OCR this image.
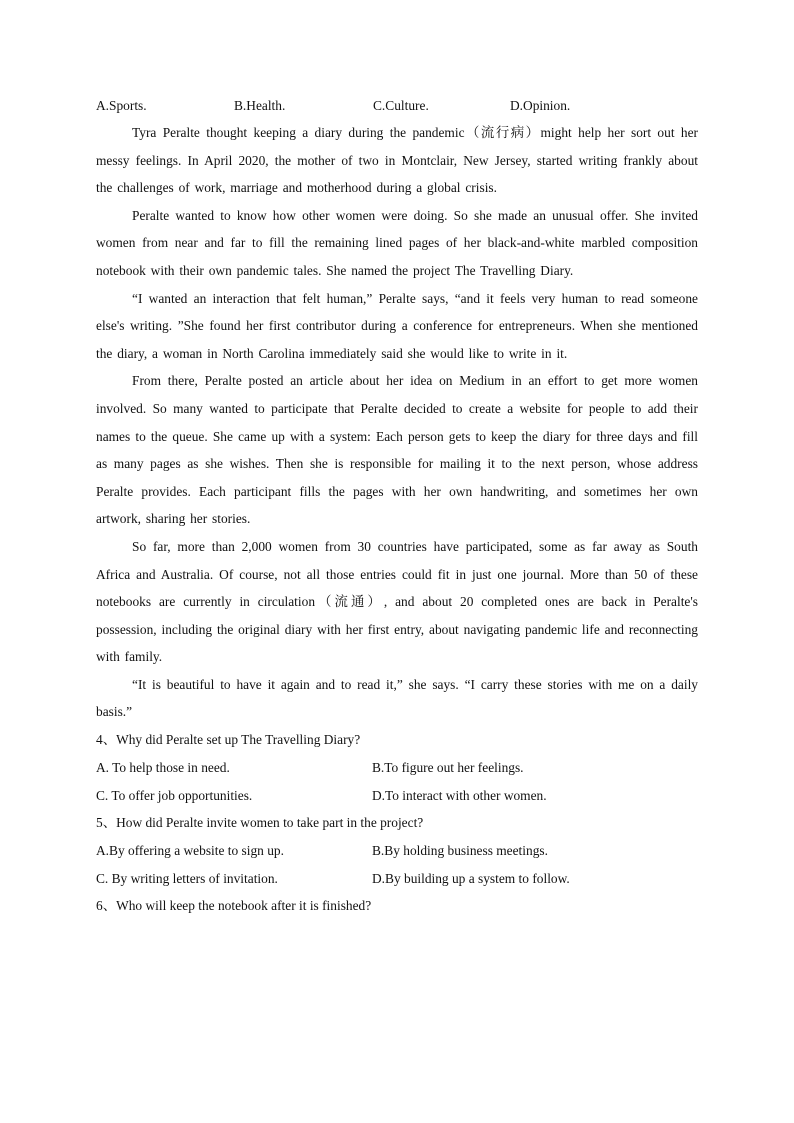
A.Sports.	B.Health.	C.Culture.	D.Opinion.

Tyra Peralte thought keeping a diary during the pandemic（流行病）might help her sort out her messy feelings. In April 2020, the mother of two in Montclair, New Jersey, started writing frankly about the challenges of work, marriage and motherhood during a global crisis.

Peralte wanted to know how other women were doing. So she made an unusual offer. She invited women from near and far to fill the remaining lined pages of her black-and-white marbled composition notebook with their own pandemic tales. She named the project The Travelling Diary.

“I wanted an interaction that felt human,” Peralte says, “and it feels very human to read someone else's writing. ”She found her first contributor during a conference for entrepreneurs. When she mentioned the diary, a woman in North Carolina immediately said she would like to write in it.

From there, Peralte posted an article about her idea on Medium in an effort to get more women involved. So many wanted to participate that Peralte decided to create a website for people to add their names to the queue. She came up with a system: Each person gets to keep the diary for three days and fill as many pages as she wishes. Then she is responsible for mailing it to the next person, whose address Peralte provides. Each participant fills the pages with her own handwriting, and sometimes her own artwork, sharing her stories.

So far, more than 2,000 women from 30 countries have participated, some as far away as South Africa and Australia. Of course, not all those entries could fit in just one journal. More than 50 of these notebooks are currently in circulation（流通）, and about 20 completed ones are back in Peralte's possession, including the original diary with her first entry, about navigating pandemic life and reconnecting with family.

“It is beautiful to have it again and to read it,” she says. “I carry these stories with me on a daily basis.”

4、Why did Peralte set up The Travelling Diary?

A. To help those in need.	B.To figure out her feelings.
C. To offer job opportunities.	D.To interact with other women.

5、How did Peralte invite women to take part in the project?

A.By offering a website to sign up.	B.By holding business meetings.
C. By writing letters of invitation.	D.By building up a system to follow.

6、Who will keep the notebook after it is finished?
